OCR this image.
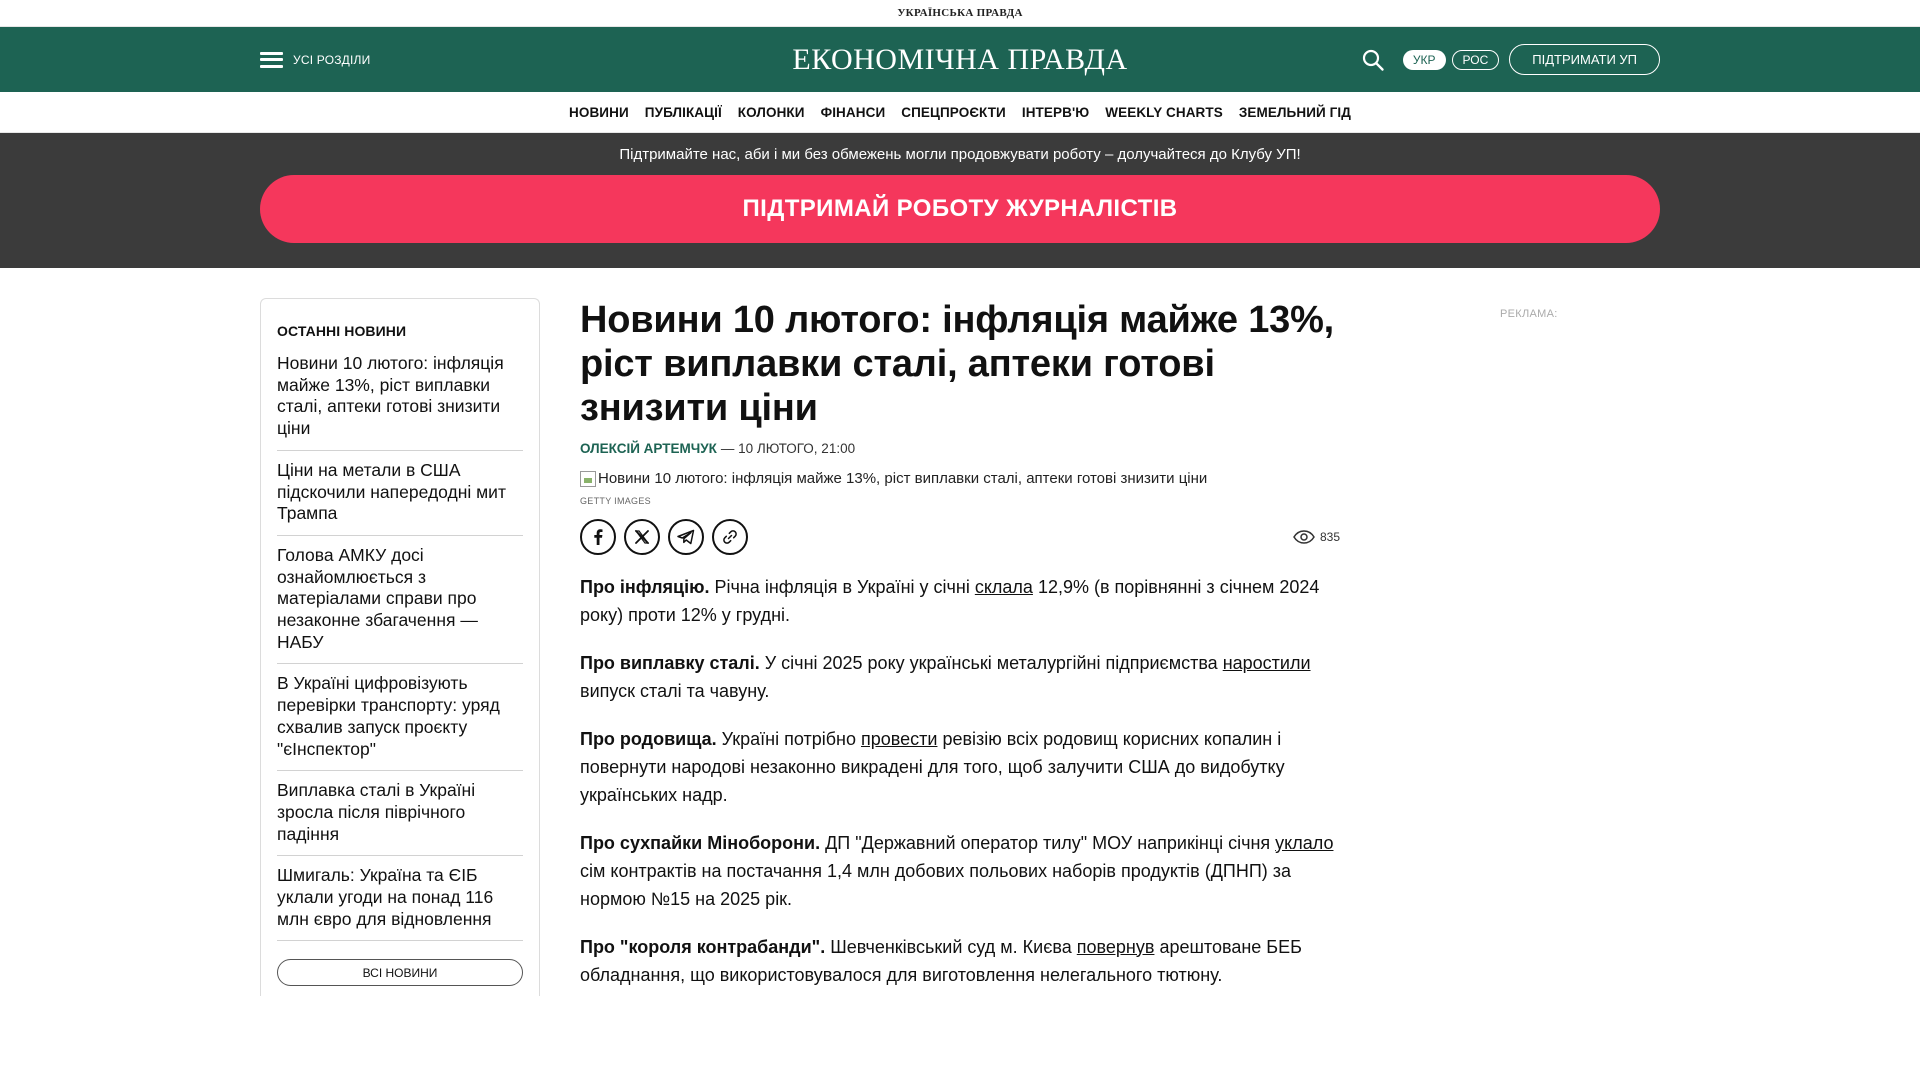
УКРАЇНСЬКА ПРАВДА
УСІ РОЗДІЛИ	ЕКОНОМІЧНА ПРАВДА	УКР	РОС	ПІДТРИМАТИ УП
НОВИНИ ПУБЛІКАЦІЇ КОЛОНКИ ФІНАНСИ СПЕЦПРОЄКТИ ІНТЕРВ'Ю WEEKLY CHARTS ЗЕМЕЛЬНИЙ ГІД
Підтримайте нас, аби і ми без обмежень могли продовжувати роботу – долучайтеся до Клубу УП!
ПІДТРИМАЙ РОБОТУ ЖУРНАЛІСТІВ
ОСТАННІ НОВИНИ
Новини 10 лютого: інфляція майже 13%, ріст виплавки сталі, аптеки готові знизити ціни
Ціни на метали в США підскочили напередодні мит Трампа
Голова АМКУ досі ознайомлюється з матеріалами справи про незаконне збагачення — НАБУ
В Україні цифровізують перевірки транспорту: уряд схвалив запуск проєкту "єІнспектор"
Виплавка сталі в Україні зросла після піврічного падіння
Шмигаль: Україна та ЄІБ уклали угоди на понад 116 млн євро для відновлення
ВСІ НОВИНИ
Новини 10 лютого: інфляція майже 13%, ріст виплавки сталі, аптеки готові знизити ціни
ОЛЕКСІЙ АРТЕМЧУК — 10 ЛЮТОГО, 21:00
Новини 10 лютого: інфляція майже 13%, ріст виплавки сталі, аптеки готові знизити ціни
GETTY IMAGES
835

Про інфляцію. Річна інфляція в Україні у січні склала 12,9% (в порівнянні з січнем 2024 року) проти 12% у грудні.

Про виплавку сталі. У січні 2025 року українські металургійні підприємства наростили випуск сталі та чавуну.

Про родовища. Україні потрібно провести ревізію всіх родовищ корисних копалин і повернути народові незаконно викрадені для того, щоб залучити США до видобутку українських надр.

Про сухпайки Міноборони. ДП "Державний оператор тилу" МОУ наприкінці січня уклало сім контрактів на постачання 1,4 млн добових польових наборів продуктів (ДПНП) за нормою №15 на 2025 рік.

Про "короля контрабанди". Шевченківський суд м. Києва повернув арештоване БЕБ обладнання, що використовувалося для виготовлення нелегального тютюну.

РЕКЛАМА:
